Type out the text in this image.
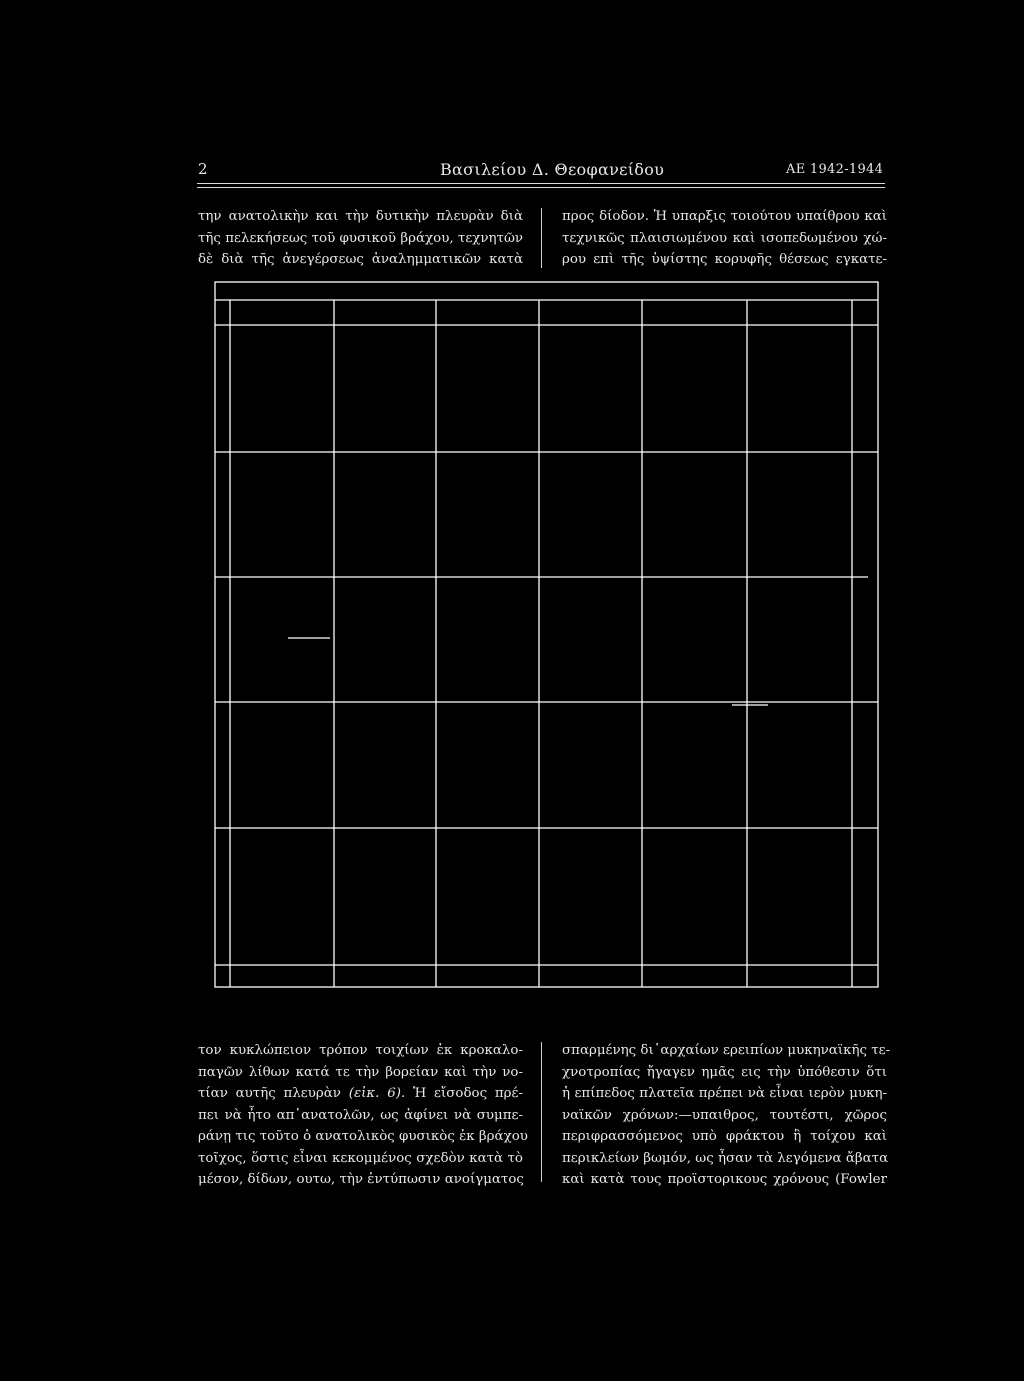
2	Βασιλείου Δ. Θεοφανείδου	ΑΕ 1942-1944
την ανατολικὴν και τὴν δυτικὴν πλευρὰν διὰ
τῆς πελεκήσεως τοῦ φυσικοῦ βράχου, τεχνητῶν
δὲ διὰ τῆς ἀνεγέρσεως ἀναλημματικῶν κατὰ
προς δίοδον. Ἡ υπαρξις τοιούτου υπαίθρου καὶ
τεχνικῶς πλαισιωμένου καὶ ισοπεδωμένου χώ-
ρου επὶ τῆς ὑψίστης κορυφῆς θέσεως εγκατε-
τον κυκλώπειον τρόπον τοιχίων ἐκ κροκαλο-
παγῶν λίθων κατά τε τὴν βορείαν καὶ τὴν νο-
τίαν αυτῆς πλευρὰν (εἰκ. 6). Ἡ εἴσοδος πρέ-
πει νὰ ἦτο απ᾽ανατολῶν, ως ἀφίνει νὰ συμπε-
ράνῃ τις τοῦτο ὁ ανατολικὸς φυσικὸς ἐκ βράχου
τοῖχος, ὅστις εἶναι κεκομμένος σχεδὸν κατὰ τὸ
μέσον, δίδων, ουτω, τὴν ἐντύπωσιν ανοίγματος
σπαρμένης δι᾽αρχαίων ερειπίων μυκηναϊκῆς τε-
χνοτροπίας ἤγαγεν ημᾶς εις τὴν ὑπόθεσιν ὅτι
ἡ επίπεδος πλατεῖα πρέπει νὰ εἶναι ιερὸν μυκη-
ναϊκῶν χρόνων:—υπαιθρος, τουτέστι, χῶρος
περιφρασσόμενος υπὸ φράκτου ἢ τοίχου καὶ
περικλείων βωμόν, ως ἦσαν τὰ λεγόμενα ἄβατα
καὶ κατὰ τους προϊστορικους χρόνους (Fowler
